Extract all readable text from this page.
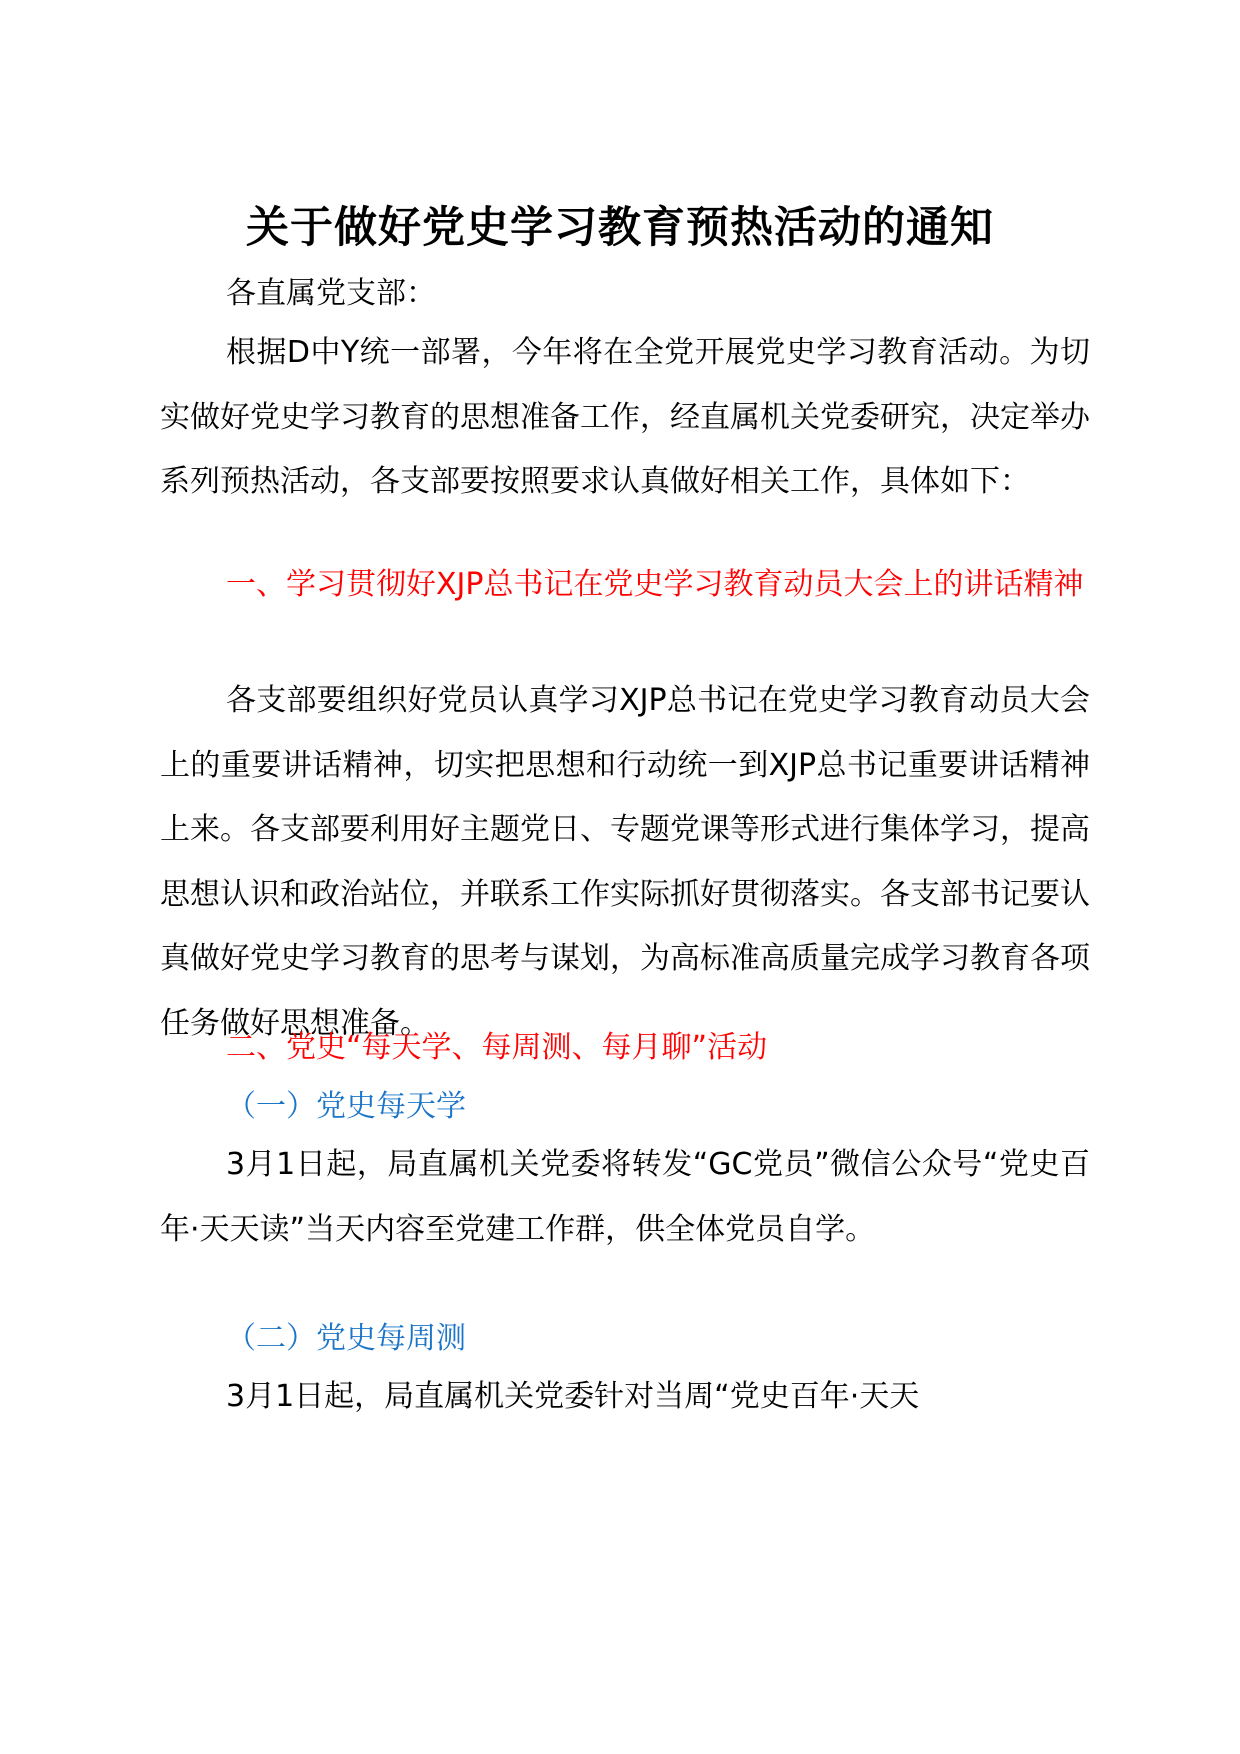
关于做好党史学习教育预热活动的通知

各直属党支部：

根据D中Y统一部署，今年将在全党开展党史学习教育活动。为切实做好党史学习教育的思想准备工作，经直属机关党委研究，决定举办系列预热活动，各支部要按照要求认真做好相关工作，具体如下：

一、学习贯彻好XJP总书记在党史学习教育动员大会上的讲话精神

各支部要组织好党员认真学习XJP总书记在党史学习教育动员大会上的重要讲话精神，切实把思想和行动统一到XJP总书记重要讲话精神上来。各支部要利用好主题党日、专题党课等形式进行集体学习，提高思想认识和政治站位，并联系工作实际抓好贯彻落实。各支部书记要认真做好党史学习教育的思考与谋划，为高标准高质量完成学习教育各项任务做好思想准备。

二、党史“每天学、每周测、每月聊”活动

（一）党史每天学

3月1日起，局直属机关党委将转发“GC党员”微信公众号“党史百年·天天读”当天内容至党建工作群，供全体党员自学。

（二）党史每周测

3月1日起，局直属机关党委针对当周“党史百年·天天
